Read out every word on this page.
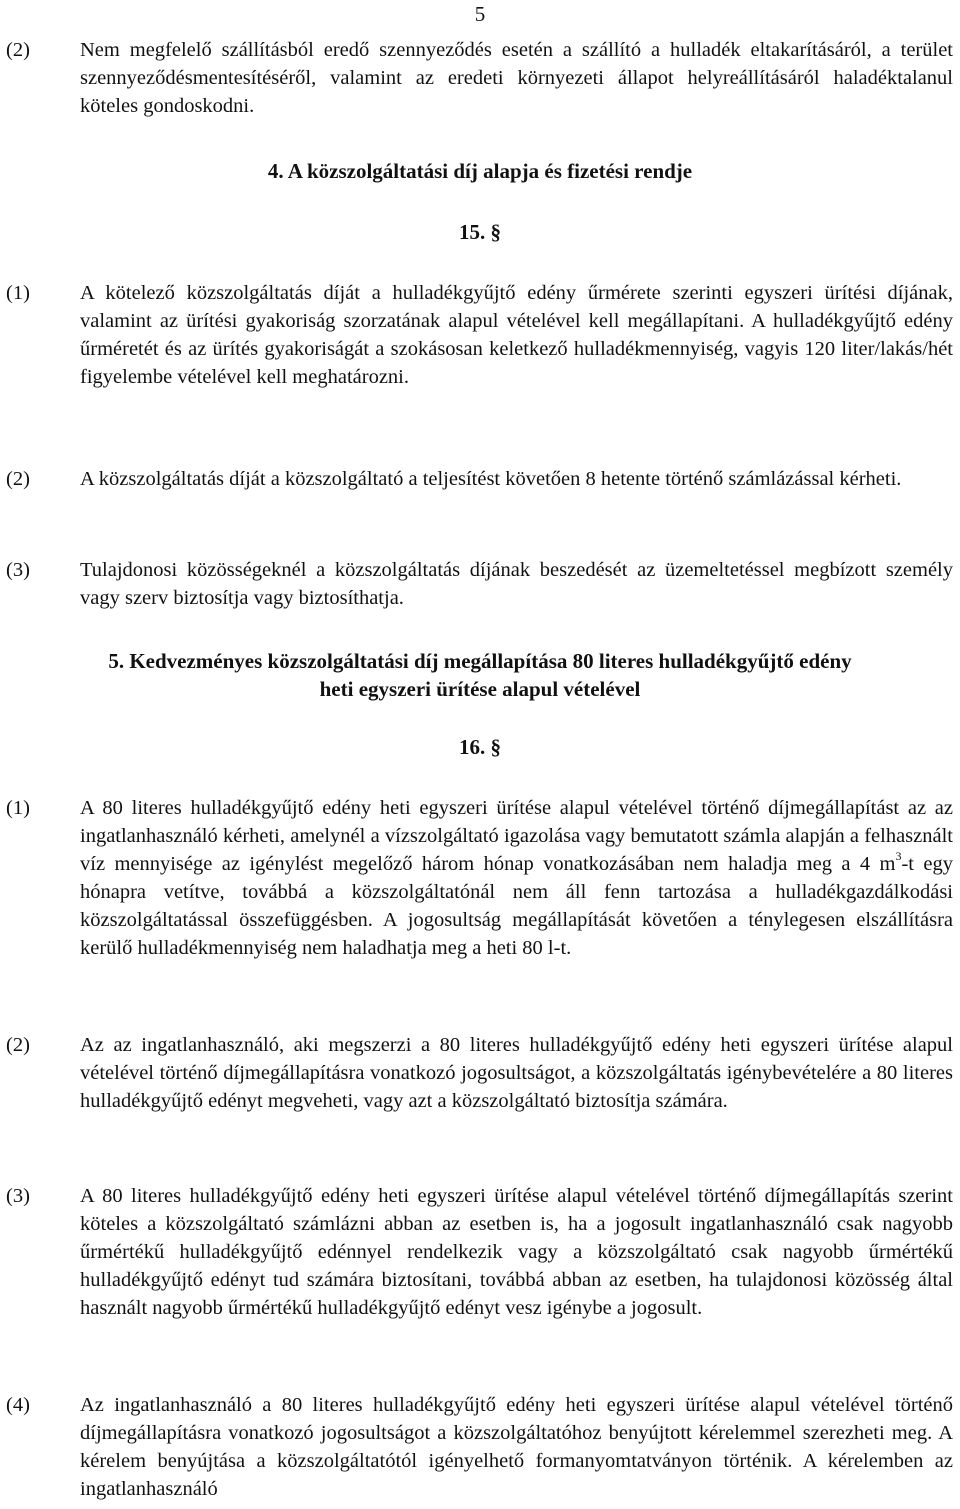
5
(2) Nem megfelelő szállításból eredő szennyeződés esetén a szállító a hulladék eltakarításáról, a terület szennyeződésmentesítéséről, valamint az eredeti környezeti állapot helyreállításáról haladéktalanul köteles gondoskodni.
4. A közszolgáltatási díj alapja és fizetési rendje
15. §
(1) A kötelező közszolgáltatás díját a hulladékgyűjtő edény űrmérete szerinti egyszeri ürítési díjának, valamint az ürítési gyakoriság szorzatának alapul vételével kell megállapítani. A hulladékgyűjtő edény űrméretét és az ürítés gyakoriságát a szokásosan keletkező hulladékmennyiség, vagyis 120 liter/lakás/hét figyelembe vételével kell meghatározni.
(2) A közszolgáltatás díját a közszolgáltató a teljesítést követően 8 hetente történő számlázással kérheti.
(3) Tulajdonosi közösségeknél a közszolgáltatás díjának beszedését az üzemeltetéssel megbízott személy vagy szerv biztosítja vagy biztosíthatja.
5. Kedvezményes közszolgáltatási díj megállapítása 80 literes hulladékgyűjtő edény
heti egyszeri ürítése alapul vételével
16. §
(1) A 80 literes hulladékgyűjtő edény heti egyszeri ürítése alapul vételével történő díjmegállapítást az az ingatlanhasználó kérheti, amelynél a vízszolgáltató igazolása vagy bemutatott számla alapján a felhasznált víz mennyisége az igénylést megelőző három hónap vonatkozásában nem haladja meg a 4 $m^3-t$ egy hónapra vetítve, továbbá a közszolgáltatónál nem áll fenn tartozása a hulladékgazdálkodási közszolgáltatással összefüggésben. A jogosultság megállapítását követően a ténylegesen elszállításra kerülő hulladékmennyiség nem haladhatja meg a heti 80 l-t.
(2) Az az ingatlanhasználó, aki megszerzi a 80 literes hulladékgyűjtő edény heti egyszeri ürítése alapul vételével történő díjmegállapításra vonatkozó jogosultságot, a közszolgáltatás igénybevételére a 80 literes hulladékgyűjtő edényt megveheti, vagy azt a közszolgáltató biztosítja számára.
(3) A 80 literes hulladékgyűjtő edény heti egyszeri ürítése alapul vételével történő díjmegállapítás szerint köteles a közszolgáltató számlázni abban az esetben is, ha a jogosult ingatlanhasználó csak nagyobb űrmértékű hulladékgyűjtő edénnyel rendelkezik vagy a közszolgáltató csak nagyobb űrmértékű hulladékgyűjtő edényt tud számára biztosítani, továbbá abban az esetben, ha tulajdonosi közösség által használt nagyobb űrmértékű hulladékgyűjtő edényt vesz igénybe a jogosult.
(4) Az ingatlanhasználó a 80 literes hulladékgyűjtő edény heti egyszeri ürítése alapul vételével történő díjmegállapításra vonatkozó jogosultságot a közszolgáltatóhoz benyújtott kérelemmel szerezheti meg. A kérelem benyújtása a közszolgáltatótól igényelhető formanyomtatványon történik. A kérelemben az ingatlanhasználó
